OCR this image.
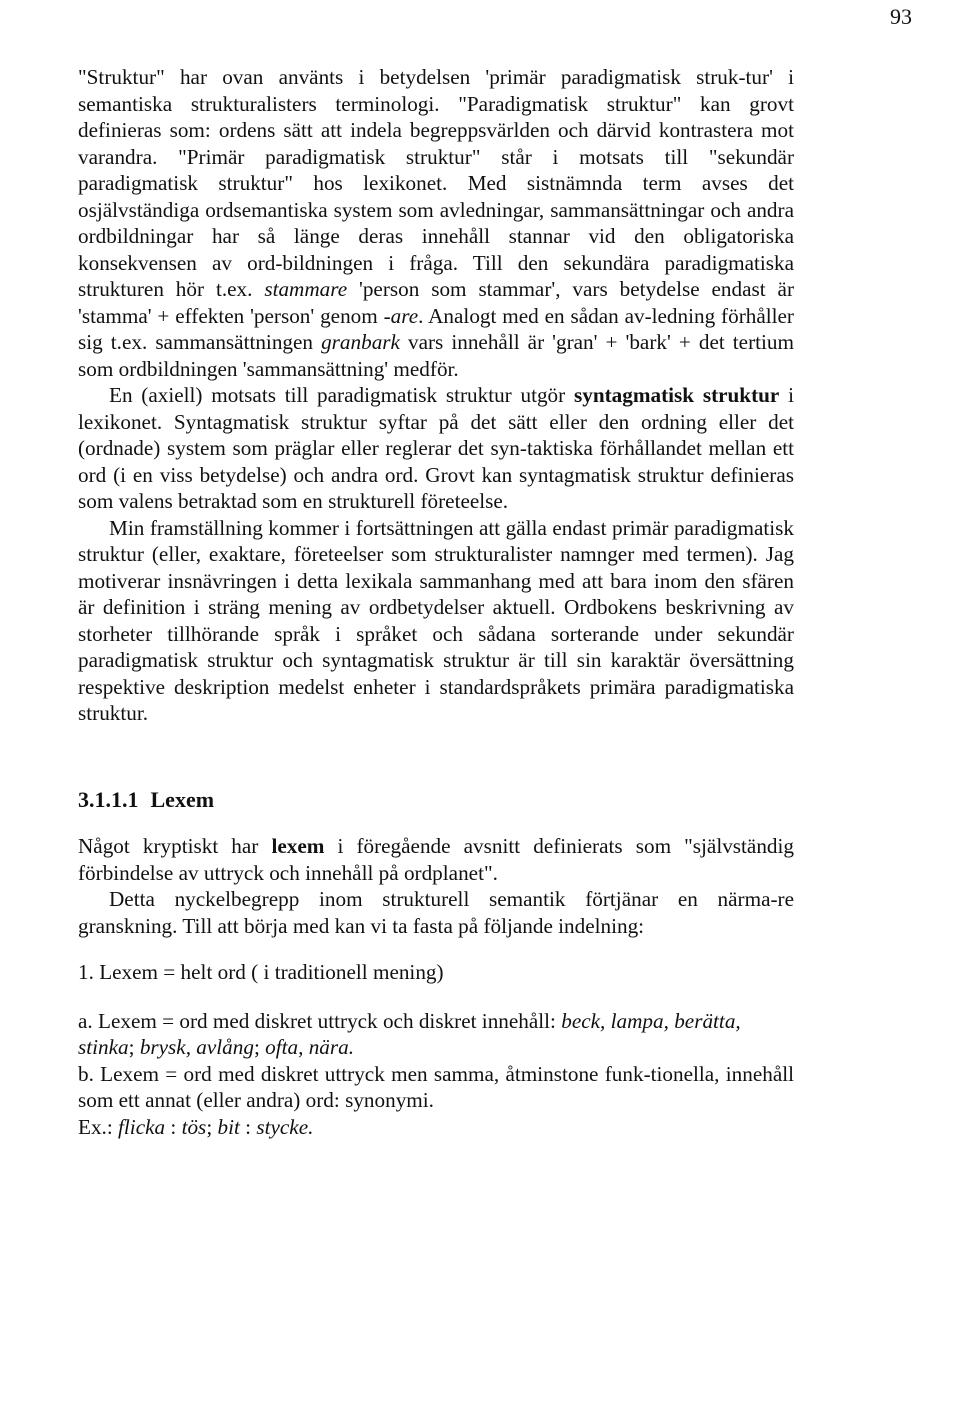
93

"Struktur" har ovan använts i betydelsen 'primär paradigmatisk struk-tur' i semantiska strukturalisters terminologi. "Paradigmatisk struktur" kan grovt definieras som: ordens sätt att indela begreppsvärlden och därvid kontrastera mot varandra. "Primär paradigmatisk struktur" står i motsats till "sekundär paradigmatisk struktur" hos lexikonet. Med sistnämnda term avses det osjälvständiga ordsemantiska system som avledningar, sammansättningar och andra ordbildningar har så länge deras innehåll stannar vid den obligatoriska konsekvensen av ord-bildningen i fråga. Till den sekundära paradigmatiska strukturen hör t.ex. stammare 'person som stammar', vars betydelse endast är 'stamma' + effekten 'person' genom -are. Analogt med en sådan av-ledning förhåller sig t.ex. sammansättningen granbark vars innehåll är 'gran' + 'bark' + det tertium som ordbildningen 'sammansättning' medför.

En (axiell) motsats till paradigmatisk struktur utgör syntagmatisk struktur i lexikonet. Syntagmatisk struktur syftar på det sätt eller den ordning eller det (ordnade) system som präglar eller reglerar det syn-taktiska förhållandet mellan ett ord (i en viss betydelse) och andra ord. Grovt kan syntagmatisk struktur definieras som valens betraktad som en strukturell företeelse.

Min framställning kommer i fortsättningen att gälla endast primär paradigmatisk struktur (eller, exaktare, företeelser som strukturalister namnger med termen). Jag motiverar insnävringen i detta lexikala sammanhang med att bara inom den sfären är definition i sträng mening av ordbetydelser aktuell. Ordbokens beskrivning av storheter tillhörande språk i språket och sådana sorterande under sekundär paradigmatisk struktur och syntagmatisk struktur är till sin karaktär översättning respektive deskription medelst enheter i standardspråkets primära paradigmatiska struktur.

3.1.1.1 Lexem

Något kryptiskt har lexem i föregående avsnitt definierats som "självständig förbindelse av uttryck och innehåll på ordplanet".

Detta nyckelbegrepp inom strukturell semantik förtjänar en närma-re granskning. Till att börja med kan vi ta fasta på följande indelning:

1. Lexem = helt ord ( i traditionell mening)

a. Lexem = ord med diskret uttryck och diskret innehåll: beck, lampa, berätta, stinka; brysk, avlång; ofta, nära.

b. Lexem = ord med diskret uttryck men samma, åtminstone funk-tionella, innehåll som ett annat (eller andra) ord: synonymi.

Ex.: flicka : tös; bit : stycke.
